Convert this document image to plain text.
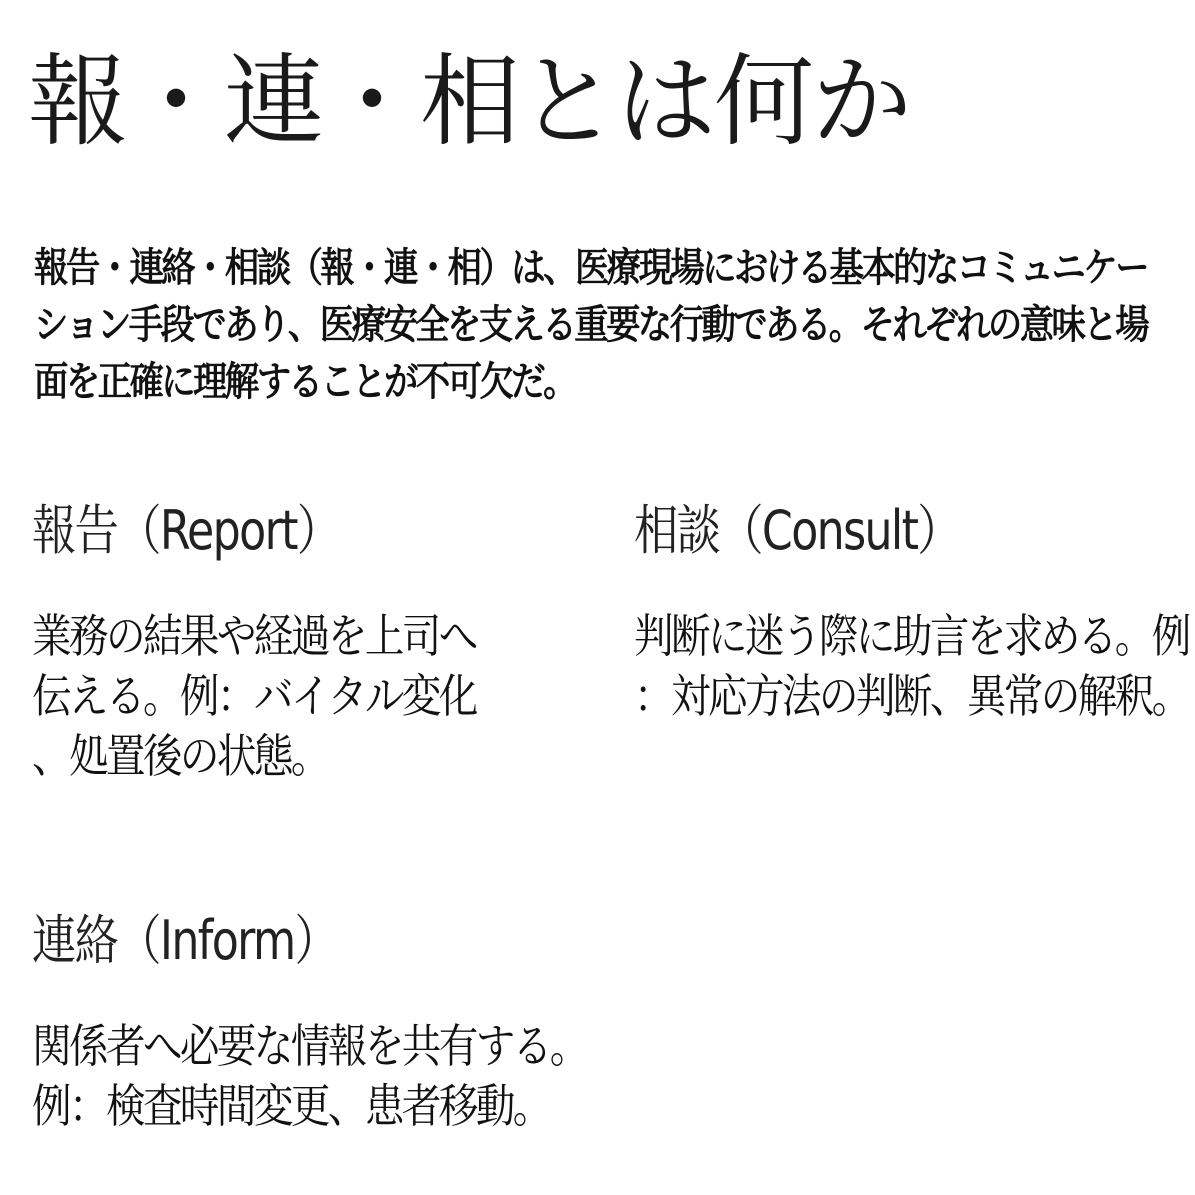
報・連・相とは何か

報告・連絡・相談（報・連・相）は、医療現場における基本的なコミュニケー
ション手段であり、医療安全を支える重要な行動である。それぞれの意味と場
面を正確に理解することが不可欠だ。

報告（Report）
業務の結果や経過を上司へ
伝える。例：バイタル変化
、処置後の状態。
相談（Consult）
判断に迷う際に助言を求める。例
：対応方法の判断、異常の解釈。
連絡（Inform）
関係者へ必要な情報を共有する。
例：検査時間変更、患者移動。
